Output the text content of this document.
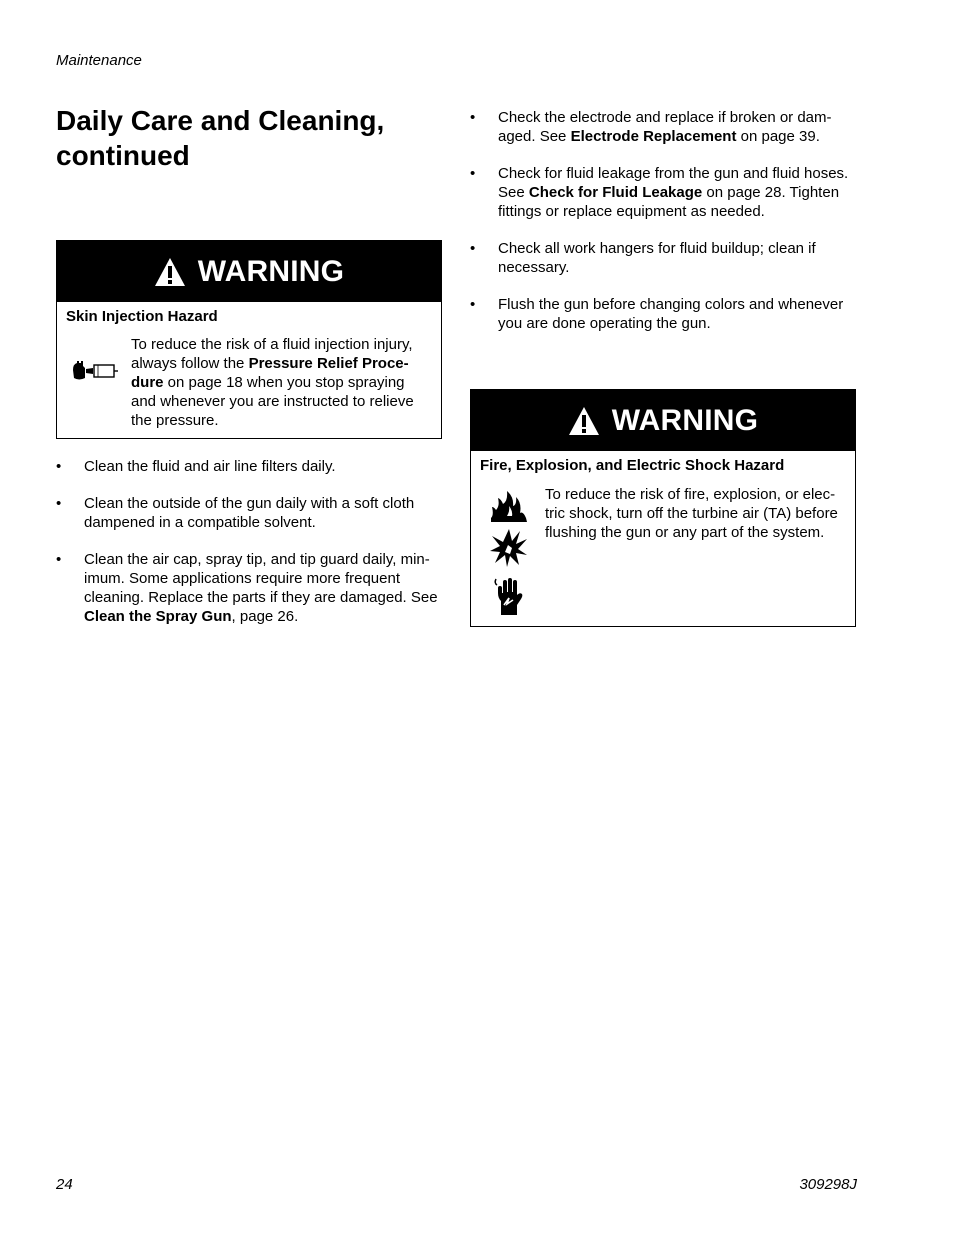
Maintenance
Daily Care and Cleaning,
continued
WARNING
Skin Injection Hazard
To reduce the risk of a fluid injection injury, always follow the Pressure Relief Proce-dure on page 18 when you stop spraying and whenever you are instructed to relieve the pressure.
• Clean the fluid and air line filters daily.
• Clean the outside of the gun daily with a soft cloth dampened in a compatible solvent.
• Clean the air cap, spray tip, and tip guard daily, min-imum. Some applications require more frequent cleaning. Replace the parts if they are damaged. See Clean the Spray Gun, page 26.
• Check the electrode and replace if broken or dam-aged. See Electrode Replacement on page 39.
• Check for fluid leakage from the gun and fluid hoses. See Check for Fluid Leakage on page 28. Tighten fittings or replace equipment as needed.
• Check all work hangers for fluid buildup; clean if necessary.
• Flush the gun before changing colors and whenever you are done operating the gun.
WARNING
Fire, Explosion, and Electric Shock Hazard
To reduce the risk of fire, explosion, or elec-tric shock, turn off the turbine air (TA) before flushing the gun or any part of the system.
24	309298J
